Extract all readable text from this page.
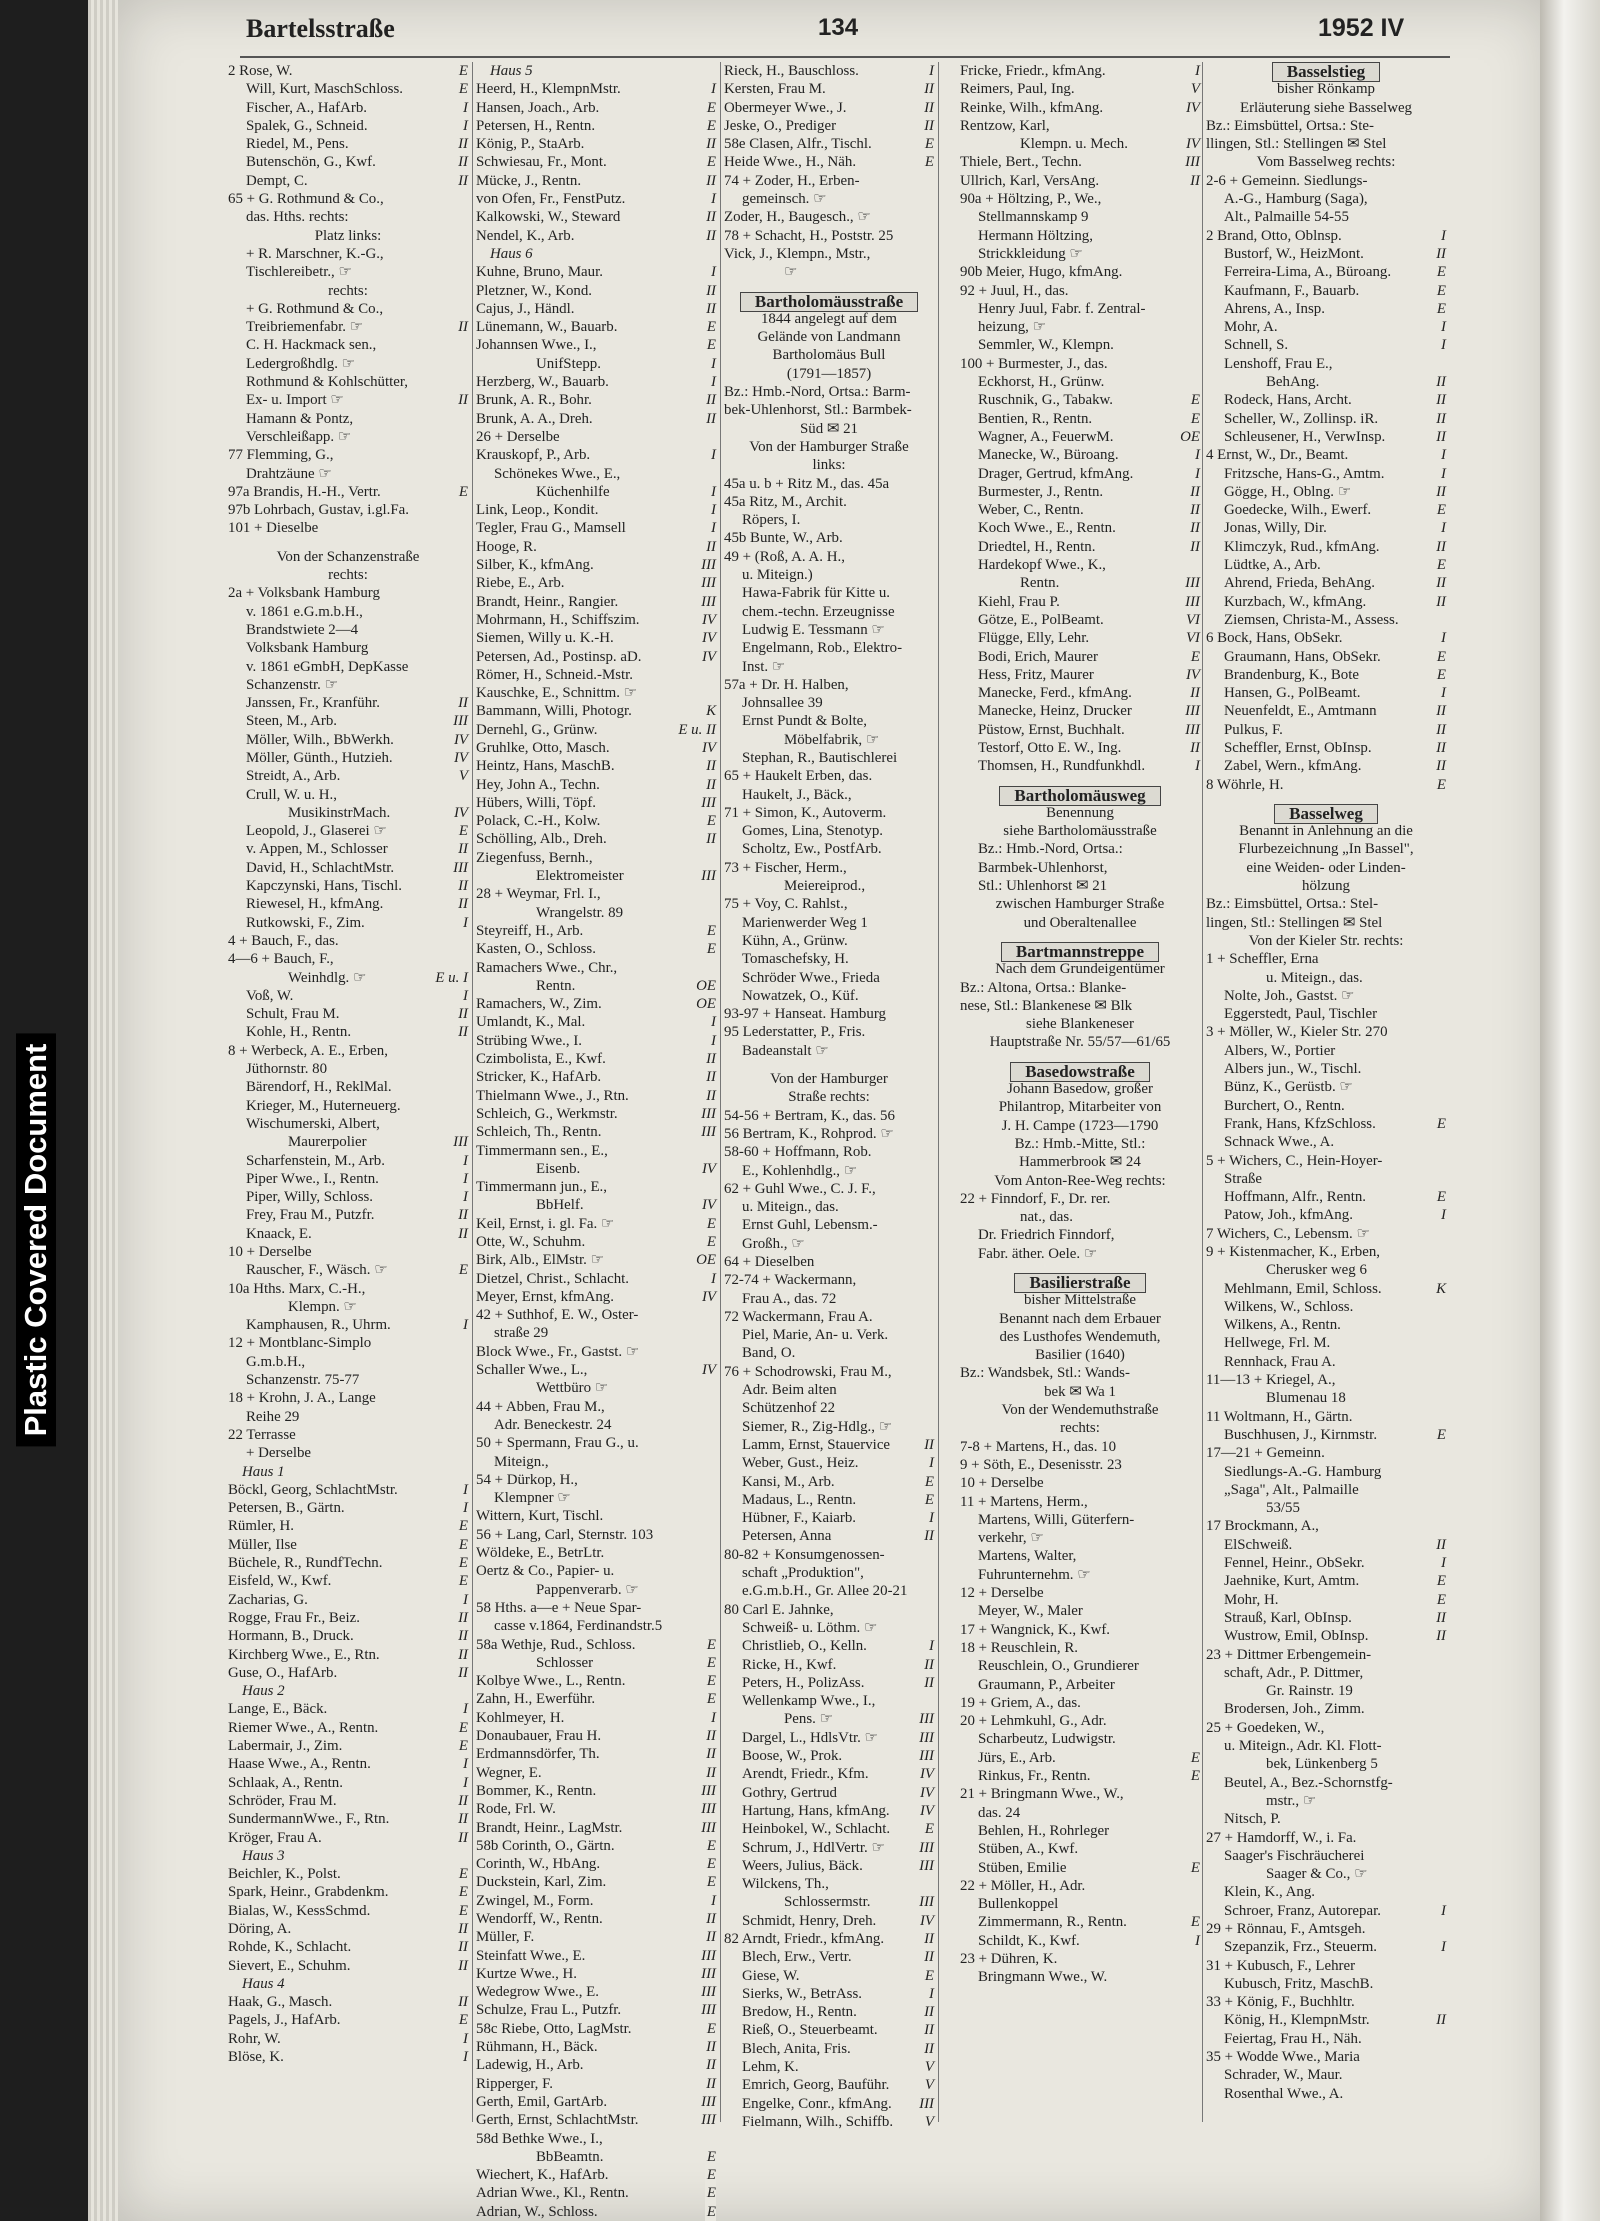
Plastic Covered Document
Bartelsstraße	134	1952 IV
2 Rose, W.	E
Will, Kurt, MaschSchloss.	E
Fischer, A., HafArb.	I
Spalek, G., Schneid.	I
Riedel, M., Pens.	II
Butenschön, G., Kwf.	II
Dempt, C.	II
65 + G. Rothmund & Co.,
das. Hths. rechts:
Platz links:
+ R. Marschner, K.-G.,
Tischlereibetr., ☞
rechts:
+ G. Rothmund & Co.,
Treibriemenfabr. ☞	II
C. H. Hackmack sen.,
Ledergroßhdlg. ☞
Rothmund & Kohlschütter,
Ex- u. Import ☞	II
Hamann & Pontz,
Verschleißapp. ☞
77 Flemming, G.,
Drahtzäune ☞
97a Brandis, H.-H., Vertr.	E
97b Lohrbach, Gustav, i.gl.Fa.
101 + Dieselbe
Von der Schanzenstraße
rechts:
2a + Volksbank Hamburg
v. 1861 e.G.m.b.H.,
Brandstwiete 2—4
Volksbank Hamburg
v. 1861 eGmbH, DepKasse
Schanzenstr. ☞
Janssen, Fr., Kranführ.	II
Steen, M., Arb.	III
Möller, Wilh., BbWerkh.	IV
Möller, Günth., Hutzieh.	IV
Streidt, A., Arb.	V
Crull, W. u. H.,
MusikinstrMach.	IV
Leopold, J., Glaserei ☞	E
v. Appen, M., Schlosser	II
David, H., SchlachtMstr.	III
Kapczynski, Hans, Tischl.	II
Riewesel, H., kfmAng.	II
Rutkowski, F., Zim.	I
4 + Bauch, F., das.
4—6 + Bauch, F.,
Weinhdlg. ☞	E u. I
Voß, W.	I
Schult, Frau M.	II
Kohle, H., Rentn.	II
8 + Werbeck, A. E., Erben,
Jüthornstr. 80
Bärendorf, H., ReklMal.
Krieger, M., Huterneuerg.
Wischumerski, Albert,
Maurerpolier	III
Scharfenstein, M., Arb.	I
Piper Wwe., I., Rentn.	I
Piper, Willy, Schloss.	I
Frey, Frau M., Putzfr.	II
Knaack, E.	II
10 + Derselbe
Rauscher, F., Wäsch. ☞	E
10a Hths. Marx, C.-H.,
Klempn. ☞
Kamphausen, R., Uhrm.	I
12 + Montblanc-Simplo
G.m.b.H.,
Schanzenstr. 75-77
18 + Krohn, J. A., Lange
Reihe 29
22 Terrasse
+ Derselbe
Haus 1
Böckl, Georg, SchlachtMstr.	I
Petersen, B., Gärtn.	I
Rümler, H.	E
Müller, Ilse	E
Büchele, R., RundfTechn.	E
Eisfeld, W., Kwf.	E
Zacharias, G.	I
Rogge, Frau Fr., Beiz.	II
Hormann, B., Druck.	II
Kirchberg Wwe., E., Rtn.	II
Guse, O., HafArb.	II
Haus 2
Lange, E., Bäck.	I
Riemer Wwe., A., Rentn.	E
Labermair, J., Zim.	E
Haase Wwe., A., Rentn.	I
Schlaak, A., Rentn.	I
Schröder, Frau M.	II
SundermannWwe., F., Rtn.	II
Kröger, Frau A.	II
Haus 3
Beichler, K., Polst.	E
Spark, Heinr., Grabdenkm.	E
Bialas, W., KessSchmd.	E
Döring, A.	II
Rohde, K., Schlacht.	II
Sievert, E., Schuhm.	II
Haus 4
Haak, G., Masch.	II
Pagels, J., HafArb.	E
Rohr, W.	I
Blöse, K.	I
Haus 5
Heerd, H., KlempnMstr.	I
Hansen, Joach., Arb.	E
Petersen, H., Rentn.	E
König, P., StaArb.	II
Schwiesau, Fr., Mont.	E
Mücke, J., Rentn.	II
von Ofen, Fr., FenstPutz.	I
Kalkowski, W., Steward	II
Nendel, K., Arb.	II
Haus 6
Kuhne, Bruno, Maur.	I
Pletzner, W., Kond.	II
Cajus, J., Händl.	II
Lünemann, W., Bauarb.	E
Johannsen Wwe., I.,	E
UnifStepp.	I
Herzberg, W., Bauarb.	I
Brunk, A. R., Bohr.	II
Brunk, A. A., Dreh.	II
26 + Derselbe
Krauskopf, P., Arb.	I
Schönekes Wwe., E.,
Küchenhilfe	I
Link, Leop., Kondit.	I
Tegler, Frau G., Mamsell	I
Hooge, R.	II
Silber, K., kfmAng.	III
Riebe, E., Arb.	III
Brandt, Heinr., Rangier.	III
Mohrmann, H., Schiffszim.	IV
Siemen, Willy u. K.-H.	IV
Petersen, Ad., Postinsp. aD.	IV
Römer, H., Schneid.-Mstr.
Kauschke, E., Schnittm. ☞
Bammann, Willi, Photogr.	K
Dernehl, G., Grünw.	E u. II
Gruhlke, Otto, Masch.	IV
Heintz, Hans, MaschB.	II
Hey, John A., Techn.	II
Hübers, Willi, Töpf.	III
Polack, C.-H., Kolw.	E
Schölling, Alb., Dreh.	II
Ziegenfuss, Bernh.,
Elektromeister	III
28 + Weymar, Frl. I.,
Wrangelstr. 89
Steyreiff, H., Arb.	E
Kasten, O., Schloss.	E
Ramachers Wwe., Chr.,
Rentn.	OE
Ramachers, W., Zim.	OE
Umlandt, K., Mal.	I
Strübing Wwe., I.	I
Czimbolista, E., Kwf.	II
Stricker, K., HafArb.	II
Thielmann Wwe., J., Rtn.	II
Schleich, G., Werkmstr.	III
Schleich, Th., Rentn.	III
Timmermann sen., E.,
Eisenb.	IV
Timmermann jun., E.,
BbHelf.	IV
Keil, Ernst, i. gl. Fa. ☞	E
Otte, W., Schuhm.	E
Birk, Alb., ElMstr. ☞	OE
Dietzel, Christ., Schlacht.	I
Meyer, Ernst, kfmAng.	IV
42 + Suthhof, E. W., Oster-
straße 29
Block Wwe., Fr., Gastst. ☞
Schaller Wwe., L.,	IV
Wettbüro ☞
44 + Abben, Frau M.,
Adr. Beneckestr. 24
50 + Spermann, Frau G., u.
Miteign.,
54 + Dürkop, H.,
Klempner ☞
Wittern, Kurt, Tischl.
56 + Lang, Carl, Sternstr. 103
Wöldeke, E., BetrLtr.
Oertz & Co., Papier- u.
Pappenverarb. ☞
58 Hths. a—e + Neue Spar-
casse v.1864, Ferdinandstr.5
58a Wethje, Rud., Schloss.	E
Schlosser	E
Kolbye Wwe., L., Rentn.	E
Zahn, H., Ewerführ.	E
Kohlmeyer, H.	I
Donaubauer, Frau H.	II
Erdmannsdörfer, Th.	II
Wegner, E.	II
Bommer, K., Rentn.	III
Rode, Frl. W.	III
Brandt, Heinr., LagMstr.	III
58b Corinth, O., Gärtn.	E
Corinth, W., HbAng.	E
Duckstein, Karl, Zim.	E
Zwingel, M., Form.	I
Wendorff, W., Rentn.	II
Müller, F.	II
Steinfatt Wwe., E.	III
Kurtze Wwe., H.	III
Wedegrow Wwe., E.	III
Schulze, Frau L., Putzfr.	III
58c Riebe, Otto, LagMstr.	E
Rühmann, H., Bäck.	II
Ladewig, H., Arb.	II
Ripperger, F.	II
Gerth, Emil, GartArb.	III
Gerth, Ernst, SchlachtMstr.	III
58d Bethke Wwe., I.,
BbBeamtn.	E
Wiechert, K., HafArb.	E
Adrian Wwe., Kl., Rentn.	E
Adrian, W., Schloss.	E
Rieck, H., Bauschloss.	I
Kersten, Frau M.	II
Obermeyer Wwe., J.	II
Jeske, O., Prediger	II
58e Clasen, Alfr., Tischl.	E
Heide Wwe., H., Näh.	E
74 + Zoder, H., Erben-
gemeinsch. ☞
Zoder, H., Baugesch., ☞
78 + Schacht, H., Poststr. 25
Vick, J., Klempn., Mstr.,
☞
Bartholomäusstraße
1844 angelegt auf dem
Gelände von Landmann
Bartholomäus Bull
(1791—1857)
Bz.: Hmb.-Nord, Ortsa.: Barm-
bek-Uhlenhorst, Stl.: Barmbek-
Süd ✉ 21
Von der Hamburger Straße
links:
45a u. b + Ritz M., das. 45a
45a Ritz, M., Archit.
Röpers, I.
45b Bunte, W., Arb.
49 + (Roß, A. A. H.,
u. Miteign.)
Hawa-Fabrik für Kitte u.
chem.-techn. Erzeugnisse
Ludwig E. Tessmann ☞
Engelmann, Rob., Elektro-
Inst. ☞
57a + Dr. H. Halben,
Johnsallee 39
Ernst Pundt & Bolte,
Möbelfabrik, ☞
Stephan, R., Bautischlerei
65 + Haukelt Erben, das.
Haukelt, J., Bäck.,
71 + Simon, K., Autoverm.
Gomes, Lina, Stenotyp.
Scholtz, Ew., PostfArb.
73 + Fischer, Herm.,
Meiereiprod.,
75 + Voy, C. Rahlst.,
Marienwerder Weg 1
Kühn, A., Grünw.
Tomaschefsky, H.
Schröder Wwe., Frieda
Nowatzek, O., Küf.
93-97 + Hanseat. Hamburg
95 Lederstatter, P., Fris.
Badeanstalt ☞
Von der Hamburger
Straße rechts:
54-56 + Bertram, K., das. 56
56 Bertram, K., Rohprod. ☞
58-60 + Hoffmann, Rob.
E., Kohlenhdlg., ☞
62 + Guhl Wwe., C. J. F.,
u. Miteign., das.
Ernst Guhl, Lebensm.-
Großh., ☞
64 + Dieselben
72-74 + Wackermann,
Frau A., das. 72
72 Wackermann, Frau A.
Piel, Marie, An- u. Verk.
Band, O.
76 + Schodrowski, Frau M.,
Adr. Beim alten
Schützenhof 22
Siemer, R., Zig-Hdlg., ☞
Lamm, Ernst, Stauervice	II
Weber, Gust., Heiz.	I
Kansi, M., Arb.	E
Madaus, L., Rentn.	E
Hübner, F., Kaiarb.	I
Petersen, Anna	II
80-82 + Konsumgenossen-
schaft „Produktion",
e.G.m.b.H., Gr. Allee 20-21
80 Carl E. Jahnke,
Schweiß- u. Löthm. ☞
Christlieb, O., Kelln.	I
Ricke, H., Kwf.	II
Peters, H., PolizAss.	II
Wellenkamp Wwe., I.,
Pens. ☞	III
Dargel, L., HdlsVtr. ☞	III
Boose, W., Prok.	III
Arendt, Friedr., Kfm.	IV
Gothry, Gertrud	IV
Hartung, Hans, kfmAng.	IV
Heinbokel, W., Schlacht.	E
Schrum, J., HdlVertr. ☞	III
Weers, Julius, Bäck.	III
Wilckens, Th.,
Schlossermstr.	III
Schmidt, Henry, Dreh.	IV
82 Arndt, Friedr., kfmAng.	II
Blech, Erw., Vertr.	II
Giese, W.	E
Sierks, W., BetrAss.	I
Bredow, H., Rentn.	II
Rieß, O., Steuerbeamt.	II
Blech, Anita, Fris.	II
Lehm, K.	V
Emrich, Georg, Bauführ.	V
Engelke, Conr., kfmAng.	III
Fielmann, Wilh., Schiffb.	V
Fricke, Friedr., kfmAng.	I
Reimers, Paul, Ing.	V
Reinke, Wilh., kfmAng.	IV
Rentzow, Karl,
Klempn. u. Mech.	IV
Thiele, Bert., Techn.	III
Ullrich, Karl, VersAng.	II
90a + Höltzing, P., We.,
Stellmannskamp 9
Hermann Höltzing,
Strickkleidung ☞
90b Meier, Hugo, kfmAng.
92 + Juul, H., das.
Henry Juul, Fabr. f. Zentral-
heizung, ☞
Semmler, W., Klempn.
100 + Burmester, J., das.
Eckhorst, H., Grünw.
Ruschnik, G., Tabakw.	E
Bentien, R., Rentn.	E
Wagner, A., FeuerwM.	OE
Manecke, W., Büroang.	I
Drager, Gertrud, kfmAng.	I
Burmester, J., Rentn.	II
Weber, C., Rentn.	II
Koch Wwe., E., Rentn.	II
Driedtel, H., Rentn.	II
Hardekopf Wwe., K.,
Rentn.	III
Kiehl, Frau P.	III
Götze, E., PolBeamt.	VI
Flügge, Elly, Lehr.	VI
Bodi, Erich, Maurer	E
Hess, Fritz, Maurer	IV
Manecke, Ferd., kfmAng.	II
Manecke, Heinz, Drucker	III
Püstow, Ernst, Buchhalt.	III
Testorf, Otto E. W., Ing.	II
Thomsen, H., Rundfunkhdl.	I
Bartholomäusweg
Benennung
siehe Bartholomäusstraße
Bz.: Hmb.-Nord, Ortsa.:
Barmbek-Uhlenhorst,
Stl.: Uhlenhorst ✉ 21
zwischen Hamburger Straße
und Oberaltenallee
Bartmannstreppe
Nach dem Grundeigentümer
Bz.: Altona, Ortsa.: Blanke-
nese, Stl.: Blankenese ✉ Blk
siehe Blankeneser
Hauptstraße Nr. 55/57—61/65
Basedowstraße
Johann Basedow, großer
Philantrop, Mitarbeiter von
J. H. Campe (1723—1790
Bz.: Hmb.-Mitte, Stl.:
Hammerbrook ✉ 24
Vom Anton-Ree-Weg rechts:
22 + Finndorf, F., Dr. rer.
nat., das.
Dr. Friedrich Finndorf,
Fabr. äther. Oele. ☞
Basilierstraße
bisher Mittelstraße
Benannt nach dem Erbauer
des Lusthofes Wendemuth,
Basilier (1640)
Bz.: Wandsbek, Stl.: Wands-
bek ✉ Wa 1
Von der Wendemuthstraße
rechts:
7-8 + Martens, H., das. 10
9 + Söth, E., Desenisstr. 23
10 + Derselbe
11 + Martens, Herm.,
Martens, Willi, Güterfern-
verkehr, ☞
Martens, Walter,
Fuhrunternehm. ☞
12 + Derselbe
Meyer, W., Maler
17 + Wangnick, K., Kwf.
18 + Reuschlein, R.
Reuschlein, O., Grundierer
Graumann, P., Arbeiter
19 + Griem, A., das.
20 + Lehmkuhl, G., Adr.
Scharbeutz, Ludwigstr.
Jürs, E., Arb.	E
Rinkus, Fr., Rentn.	E
21 + Bringmann Wwe., W.,
das. 24
Behlen, H., Rohrleger
Stüben, A., Kwf.
Stüben, Emilie	E
22 + Möller, H., Adr.
Bullenkoppel
Zimmermann, R., Rentn.	E
Schildt, K., Kwf.	I
23 + Dühren, K.
Bringmann Wwe., W.
Basselstieg
bisher Rönkamp
Erläuterung siehe Basselweg
Bz.: Eimsbüttel, Ortsa.: Ste-
llingen, Stl.: Stellingen ✉ Stel
Vom Basselweg rechts:
2-6 + Gemeinn. Siedlungs-
A.-G., Hamburg (Saga),
Alt., Palmaille 54-55
2 Brand, Otto, Oblnsp.	I
Bustorf, W., HeizMont.	II
Ferreira-Lima, A., Büroang.	E
Kaufmann, F., Bauarb.	E
Ahrens, A., Insp.	E
Mohr, A.	I
Schnell, S.	I
Lenshoff, Frau E.,
BehAng.	II
Rodeck, Hans, Archt.	II
Scheller, W., Zollinsp. iR.	II
Schleusener, H., VerwInsp.	II
4 Ernst, W., Dr., Beamt.	I
Fritzsche, Hans-G., Amtm.	I
Gögge, H., Oblng. ☞	II
Goedecke, Wilh., Ewerf.	E
Jonas, Willy, Dir.	I
Klimczyk, Rud., kfmAng.	II
Lüdtke, A., Arb.	E
Ahrend, Frieda, BehAng.	II
Kurzbach, W., kfmAng.	II
Ziemsen, Christa-M., Assess.
6 Bock, Hans, ObSekr.	I
Graumann, Hans, ObSekr.	E
Brandenburg, K., Bote	E
Hansen, G., PolBeamt.	I
Neuenfeldt, E., Amtmann	II
Pulkus, F.	II
Scheffler, Ernst, ObInsp.	II
Zabel, Wern., kfmAng.	II
8 Wöhrle, H.	E
Basselweg
Benannt in Anlehnung an die
Flurbezeichnung „In Bassel",
eine Weiden- oder Linden-
hölzung
Bz.: Eimsbüttel, Ortsa.: Stel-
lingen, Stl.: Stellingen ✉ Stel
Von der Kieler Str. rechts:
1 + Scheffler, Erna
u. Miteign., das.
Nolte, Joh., Gastst. ☞
Eggerstedt, Paul, Tischler
3 + Möller, W., Kieler Str. 270
Albers, W., Portier
Albers jun., W., Tischl.
Bünz, K., Gerüstb. ☞
Burchert, O., Rentn.
Frank, Hans, KfzSchloss.	E
Schnack Wwe., A.
5 + Wichers, C., Hein-Hoyer-
Straße
Hoffmann, Alfr., Rentn.	E
Patow, Joh., kfmAng.	I
7 Wichers, C., Lebensm. ☞
9 + Kistenmacher, K., Erben,
Cherusker weg 6
Mehlmann, Emil, Schloss.	K
Wilkens, W., Schloss.
Wilkens, A., Rentn.
Hellwege, Frl. M.
Rennhack, Frau A.
11—13 + Kriegel, A.,
Blumenau 18
11 Woltmann, H., Gärtn.
Buschhusen, J., Kirnmstr.	E
17—21 + Gemeinn.
Siedlungs-A.-G. Hamburg
„Saga", Alt., Palmaille
53/55
17 Brockmann, A.,
ElSchweiß.	II
Fennel, Heinr., ObSekr.	I
Jaehnike, Kurt, Amtm.	E
Mohr, H.	E
Strauß, Karl, ObInsp.	II
Wustrow, Emil, ObInsp.	II
23 + Dittmer Erbengemein-
schaft, Adr., P. Dittmer,
Gr. Rainstr. 19
Brodersen, Joh., Zimm.
25 + Goedeken, W.,
u. Miteign., Adr. Kl. Flott-
bek, Lünkenberg 5
Beutel, A., Bez.-Schornstfg-
mstr., ☞
Nitsch, P.
27 + Hamdorff, W., i. Fa.
Saager's Fischräucherei
Saager & Co., ☞
Klein, K., Ang.
Schroer, Franz, Autorepar.	I
29 + Rönnau, F., Amtsgeh.
Szepanzik, Frz., Steuerm.	I
31 + Kubusch, F., Lehrer
Kubusch, Fritz, MaschB.
33 + König, F., Buchhltr.
König, H., KlempnMstr.	II
Feiertag, Frau H., Näh.
35 + Wodde Wwe., Maria
Schrader, W., Maur.
Rosenthal Wwe., A.
